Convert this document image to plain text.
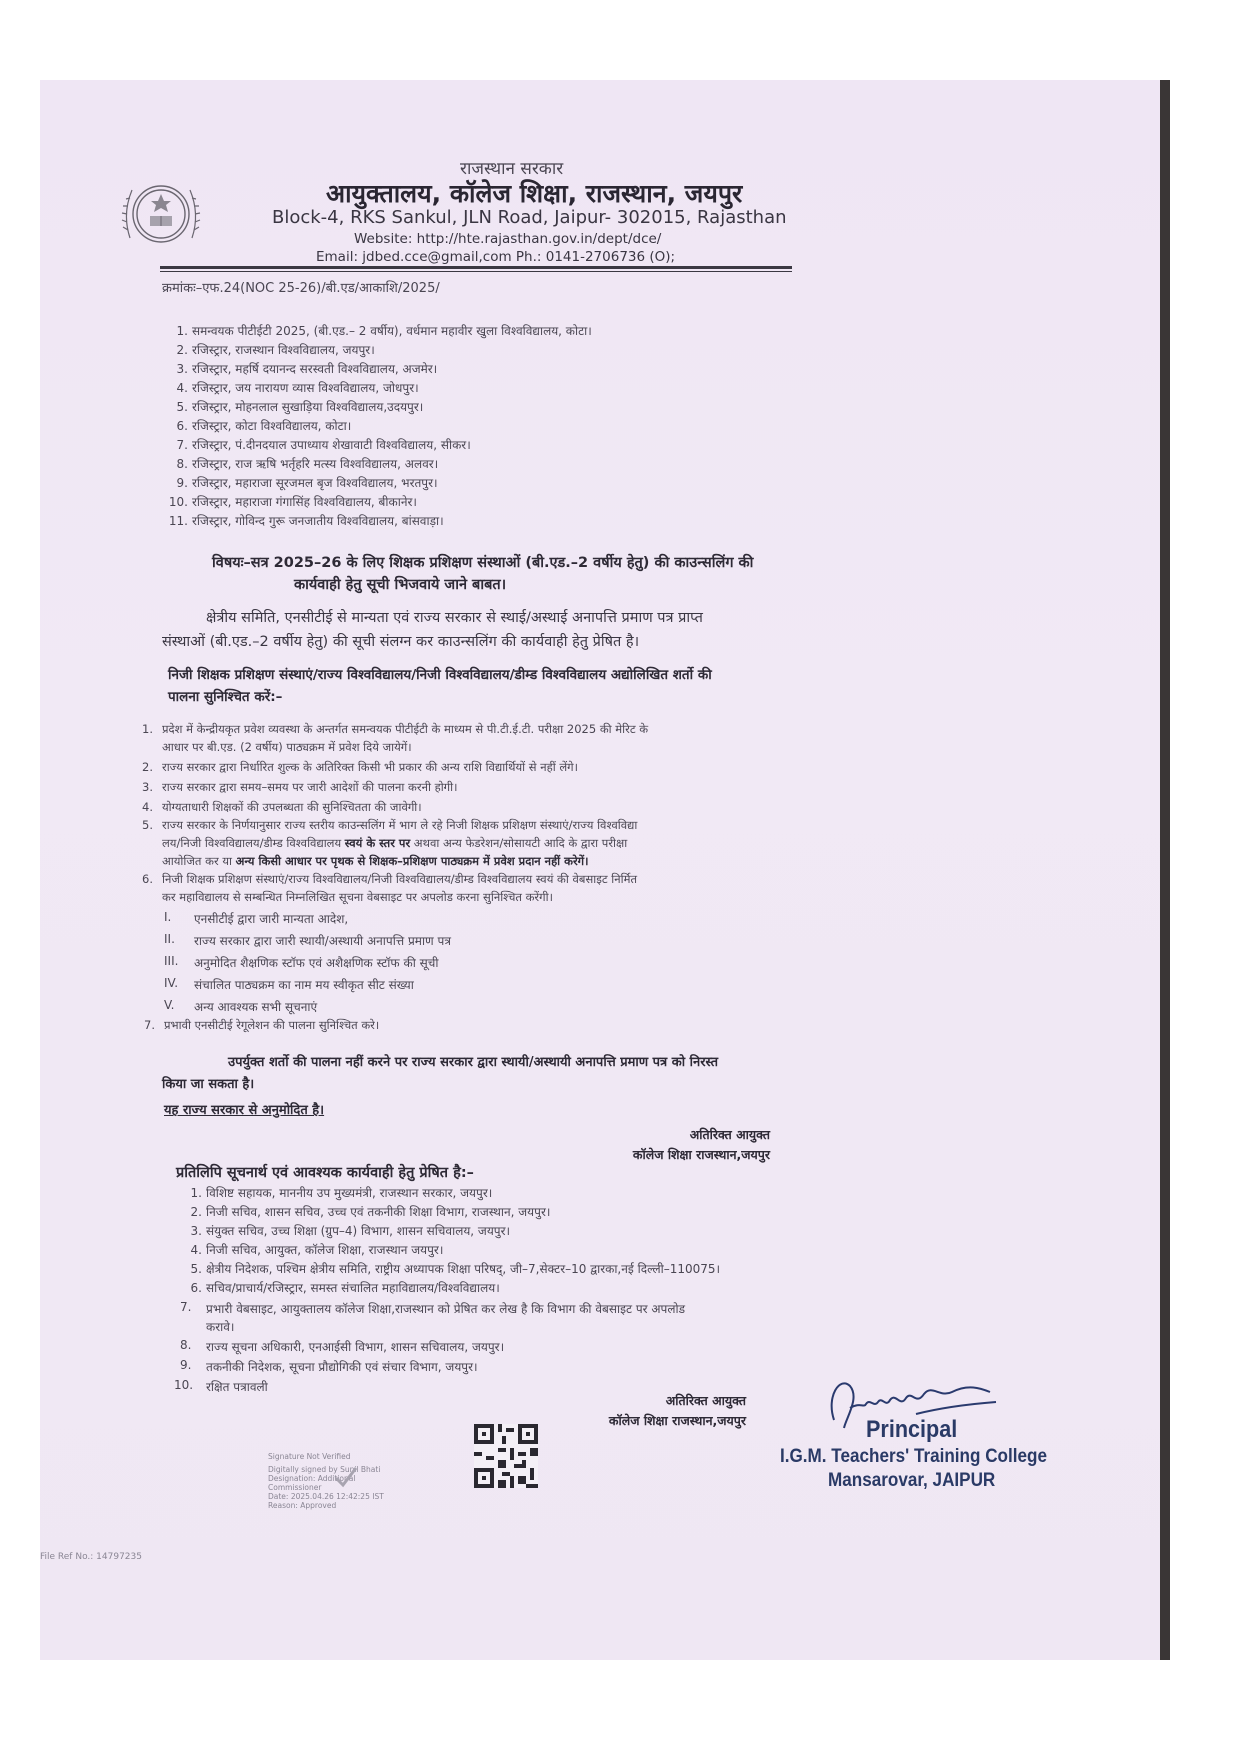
राजस्थान सरकार
आयुक्तालय, कॉलेज शिक्षा, राजस्थान, जयपुर
Block-4, RKS Sankul, JLN Road, Jaipur- 302015, Rajasthan
Website: http://hte.rajasthan.gov.in/dept/dce/
Email: jdbed.cce@gmail,com Ph.: 0141-2706736 (O);
क्रमांकः–एफ.24(NOC 25-26)/बी.एड/आकाशि/2025/
1. समन्वयक पीटीईटी 2025, (बी.एड.– 2 वर्षीय), वर्धमान महावीर खुला विश्वविद्यालय, कोटा।
2. रजिस्ट्रार, राजस्थान विश्वविद्यालय, जयपुर।
3. रजिस्ट्रार, महर्षि दयानन्द सरस्वती विश्वविद्यालय, अजमेर।
4. रजिस्ट्रार, जय नारायण व्यास विश्वविद्यालय, जोधपुर।
5. रजिस्ट्रार, मोहनलाल सुखाड़िया विश्वविद्यालय,उदयपुर।
6. रजिस्ट्रार, कोटा विश्वविद्यालय, कोटा।
7. रजिस्ट्रार, पं.दीनदयाल उपाध्याय शेखावाटी विश्वविद्यालय, सीकर।
8. रजिस्ट्रार, राज ऋषि भर्तृहरि मत्स्य विश्वविद्यालय, अलवर।
9. रजिस्ट्रार, महाराजा सूरजमल बृज विश्वविद्यालय, भरतपुर।
10. रजिस्ट्रार, महाराजा गंगासिंह विश्वविद्यालय, बीकानेर।
11. रजिस्ट्रार, गोविन्द गुरू जनजातीय विश्वविद्यालय, बांसवाड़ा।
विषयः–सत्र 2025–26 के लिए शिक्षक प्रशिक्षण संस्थाओं (बी.एड.–2 वर्षीय हेतु) की काउन्सलिंग की
कार्यवाही हेतु सूची भिजवाये जाने बाबत।
क्षेत्रीय समिति, एनसीटीई से मान्यता एवं राज्य सरकार से स्थाई/अस्थाई अनापत्ति प्रमाण पत्र प्राप्त
संस्थाओं (बी.एड.–2 वर्षीय हेतु) की सूची संलग्न कर काउन्सलिंग की कार्यवाही हेतु प्रेषित है।
निजी शिक्षक प्रशिक्षण संस्थाएं/राज्य विश्वविद्यालय/निजी विश्वविद्यालय/डीम्ड विश्वविद्यालय अद्योलिखित शर्तो की
पालना सुनिश्चित करें:–
1. प्रदेश में केन्द्रीयकृत प्रवेश व्यवस्था के अन्तर्गत समन्वयक पीटीईटी के माध्यम से पी.टी.ई.टी. परीक्षा 2025 की मेरिट के
आधार पर बी.एड. (2 वर्षीय) पाठ्यक्रम में प्रवेश दिये जायेगें।
2. राज्य सरकार द्वारा निर्धारित शुल्क के अतिरिक्त किसी भी प्रकार की अन्य राशि विद्यार्थियों से नहीं लेंगे।
3. राज्य सरकार द्वारा समय–समय पर जारी आदेशों की पालना करनी होगी।
4. योग्यताधारी शिक्षकों की उपलब्धता की सुनिश्चितता की जावेगी।
5. राज्य सरकार के निर्णयानुसार राज्य स्तरीय काउन्सलिंग में भाग ले रहे निजी शिक्षक प्रशिक्षण संस्थाएं/राज्य विश्वविद्या
लय/निजी विश्वविद्यालय/डीम्ड विश्वविद्यालय स्वयं के स्तर पर अथवा अन्य फेडरेशन/सोसायटी आदि के द्वारा परीक्षा
आयोजित कर या अन्य किसी आधार पर पृथक से शिक्षक–प्रशिक्षण पाठ्यक्रम में प्रवेश प्रदान नहीं करेगें।
6. निजी शिक्षक प्रशिक्षण संस्थाएं/राज्य विश्वविद्यालय/निजी विश्वविद्यालय/डीम्ड विश्वविद्यालय स्वयं की वेबसाइट निर्मित
कर महाविद्यालय से सम्बन्धित निम्नलिखित सूचना वेबसाइट पर अपलोड करना सुनिश्चित करेंगी।
I. एनसीटीई द्वारा जारी मान्यता आदेश,
II. राज्य सरकार द्वारा जारी स्थायी/अस्थायी अनापत्ति प्रमाण पत्र
III. अनुमोदित शैक्षणिक स्टॉफ एवं अशैक्षणिक स्टॉफ की सूची
IV. संचालित पाठ्यक्रम का नाम मय स्वीकृत सीट संख्या
V. अन्य आवश्यक सभी सूचनाएं
7. प्रभावी एनसीटीई रेगूलेशन की पालना सुनिश्चित करे।
उपर्युक्त शर्तो की पालना नहीं करने पर राज्य सरकार द्वारा स्थायी/अस्थायी अनापत्ति प्रमाण पत्र को निरस्त
किया जा सकता है।
यह राज्य सरकार से अनुमोदित है।
अतिरिक्त आयुक्त
कॉलेज शिक्षा राजस्थान,जयपुर
प्रतिलिपि सूचनार्थ एवं आवश्यक कार्यवाही हेतु प्रेषित है:–
1. विशिष्ट सहायक, माननीय उप मुख्यमंत्री, राजस्थान सरकार, जयपुर।
2. निजी सचिव, शासन सचिव, उच्च एवं तकनीकी शिक्षा विभाग, राजस्थान, जयपुर।
3. संयुक्त सचिव, उच्च शिक्षा (ग्रुप–4) विभाग, शासन सचिवालय, जयपुर।
4. निजी सचिव, आयुक्त, कॉलेज शिक्षा, राजस्थान जयपुर।
5. क्षेत्रीय निदेशक, पश्चिम क्षेत्रीय समिति, राष्ट्रीय अध्यापक शिक्षा परिषद्, जी–7,सेक्टर–10 द्वारका,नई दिल्ली–110075।
6. सचिव/प्राचार्य/रजिस्ट्रार, समस्त संचालित महाविद्यालय/विश्वविद्यालय।
7. प्रभारी वेबसाइट, आयुक्तालय कॉलेज शिक्षा,राजस्थान को प्रेषित कर लेख है कि विभाग की वेबसाइट पर अपलोड
करावे।
8. राज्य सूचना अधिकारी, एनआईसी विभाग, शासन सचिवालय, जयपुर।
9. तकनीकी निदेशक, सूचना प्रौद्योगिकी एवं संचार विभाग, जयपुर।
10. रक्षित पत्रावली
अतिरिक्त आयुक्त
कॉलेज शिक्षा राजस्थान,जयपुर	Principal
I.G.M. Teachers' Training College
Mansarovar, JAIPUR
Signature Not Verified
Digitally signed by Sunil Bhati
Designation: Additional
Commissioner
Date: 2025.04.26 12:42:25 IST
Reason: Approved
File Ref No.: 14797235
